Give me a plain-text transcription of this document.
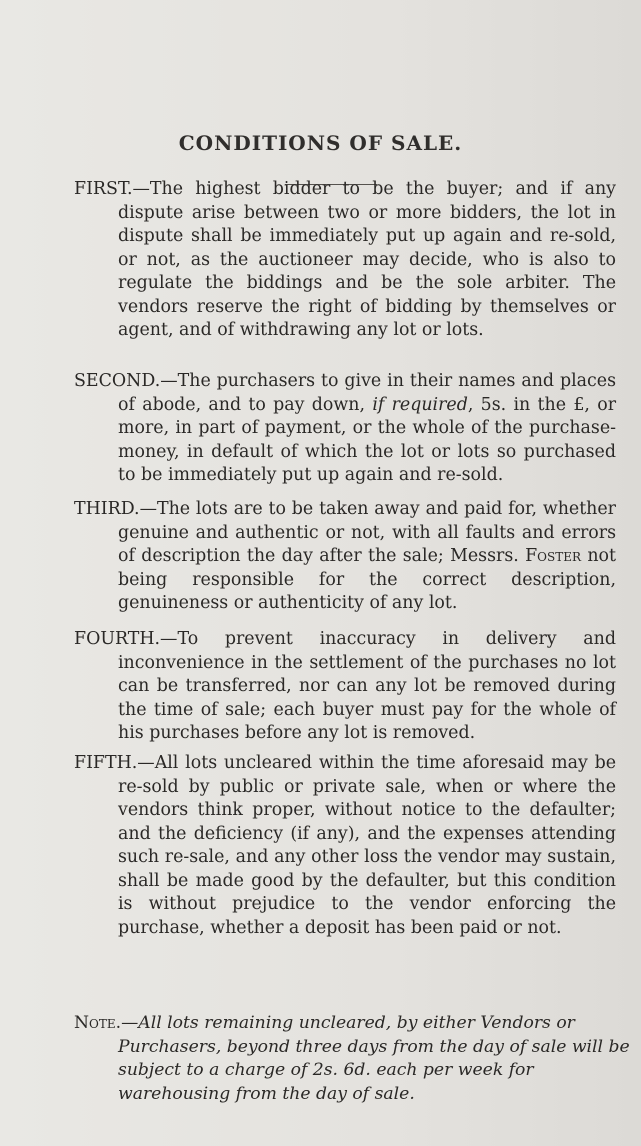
CONDITIONS OF SALE.

FIRST.—The highest bidder to be the buyer; and if any dispute arise between two or more bidders, the lot in dispute shall be immediately put up again and re-sold, or not, as the auctioneer may decide, who is also to regulate the biddings and be the sole arbiter. The vendors reserve the right of bidding by themselves or agent, and of withdrawing any lot or lots.

SECOND.—The purchasers to give in their names and places of abode, and to pay down, if required, 5s. in the £, or more, in part of payment, or the whole of the purchase-money, in default of which the lot or lots so purchased to be immediately put up again and re-sold.

THIRD.—The lots are to be taken away and paid for, whether genuine and authentic or not, with all faults and errors of description the day after the sale; Messrs. Foster not being responsible for the correct description, genuineness or authenticity of any lot.

FOURTH.—To prevent inaccuracy in delivery and inconvenience in the settlement of the purchases no lot can be transferred, nor can any lot be removed during the time of sale; each buyer must pay for the whole of his purchases before any lot is removed.

FIFTH.—All lots uncleared within the time aforesaid may be re-sold by public or private sale, when or where the vendors think proper, without notice to the defaulter; and the deficiency (if any), and the expenses attending such re-sale, and any other loss the vendor may sustain, shall be made good by the defaulter, but this condition is without prejudice to the vendor enforcing the purchase, whether a deposit has been paid or not.

Note.—All lots remaining uncleared, by either Vendors or Purchasers, beyond three days from the day of sale will be subject to a charge of 2s. 6d. each per week for warehousing from the day of sale.
